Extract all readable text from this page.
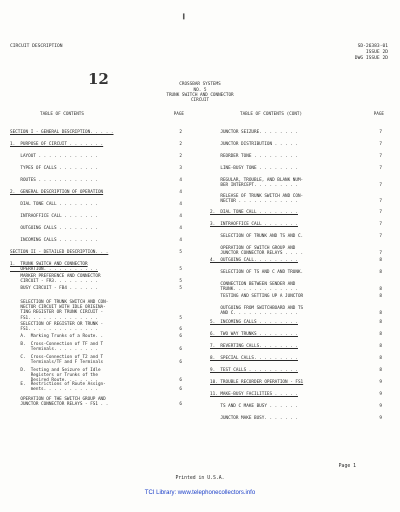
▌
CIRCUIT DESCRIPTION	SD-26383-01
ISSUE 2D
DWG ISSUE 2D
12	CROSSBAR SYSTEMS
NO. 5
TRUNK SWITCH AND CONNECTOR
CIRCUIT
TABLE OF CONTENTS	PAGE
SECTION I - GENERAL DESCRIPTION. . . . .	2
1.  PURPOSE OF CIRCUIT . . . . . . .	2
LAYOUT . . . . . . . . . . . .	2
TYPES OF CALLS . . . . . . . .	3
ROUTES . . . . . . . . . . . .	4
2.  GENERAL DESCRIPTION OF OPERATION	4
DIAL TONE CALL . . . . . . . .	4
INTRAOFFICE CALL . . . . . . .	4
OUTGOING CALLS . . . . . . . .	4
INCOMING CALLS . . . . . . . .	4
SECTION II - DETAILED DESCRIPTION. . .	5
1.  TRUNK SWITCH AND CONNECTOR
OPERATION. . . . . . . . . . .	5
MARKER PREFERENCE AND CONNECTOR
CIRCUIT - FR3. . . . . . . . .	5
BUSY CIRCUIT - FB4 . . . . . .	5
SELECTION OF TRUNK SWITCH AND CON-
NECTOR CIRCUIT WITH IDLE ORIGINA-
TING REGISTER OR TRUNK CIRCUIT -
FS1. . . . . . . . . . . . . .	5
SELECTION OF REGISTER OR TRUNK -
FS1. . . . . . . . . . . . . .	6
A.  Marking Trunks of a Route. .	6
B.  Cross-Connection of TF and T
Terminals. . . . . . . . .	6
C.  Cross-Connection of T2 and T
Terminals/TF and F Terminals	6
D.  Testing and Seizure of Idle
Registers or Trunks of the
Desired Route. . . . . . .	6
E.  Restrictions of Route Assign-
ments. . . . . . . . . . .	6
OPERATION OF THE SWITCH GROUP AND
JUNCTOR CONNECTOR RELAYS - FS1 . .	6
TABLE OF CONTENTS (CONT)	PAGE
JUNCTOR SEIZURE. . . . . . . .	7
JUNCTOR DISTRIBUTION . . . . .	7
REORDER TONE . . . . . . . . .	7
LINE-BUSY TONE . . . . . . . .	7
REGULAR, TROUBLE, AND BLANK NUM-
BER INTERCEPT. . . . . . . . .	7
RELEASE OF TRUNK SWITCH AND CON-
NECTOR . . . . . . . . . . . .	7
2.  DIAL TONE CALL . . . . . . . .	7
3.  INTRAOFFICE CALL . . . . . . .	7
SELECTION OF TRUNK AND TS AND C.	7
OPERATION OF SWITCH GROUP AND
JUNCTOR CONNECTOR RELAYS . . . .	7
4.  OUTGOING CALL. . . . . . . . .	8
SELECTION OF TS AND C AND TRUNK.	8
CONNECTION BETWEEN SENDER AND
TRUNK. . . . . . . . . . . . .	8
TESTING AND SETTING UP A JUNCTOR	8
OUTGOING FROM SWITCHBOARD AND TS
AND C. . . . . . . . . . . . .	8
5.  INCOMING CALLS . . . . . . . .	8
6.  TWO WAY TRUNKS . . . . . . . .	8
7.  REVERTING CALLS. . . . . . . .	8
8.  SPECIAL CALLS. . . . . . . . .	8
9.  TEST CALLS . . . . . . . . . .	8
10. TROUBLE RECORDER OPERATION - FS1	9
11. MAKE-BUSY FACILITIES . . . . .	9
TS AND C MAKE BUSY . . . . . .	9
JUNCTOR MAKE BUSY. . . . . . .	9
Page 1
Printed in U.S.A.
TCI Library: www.telephonecollectors.info
